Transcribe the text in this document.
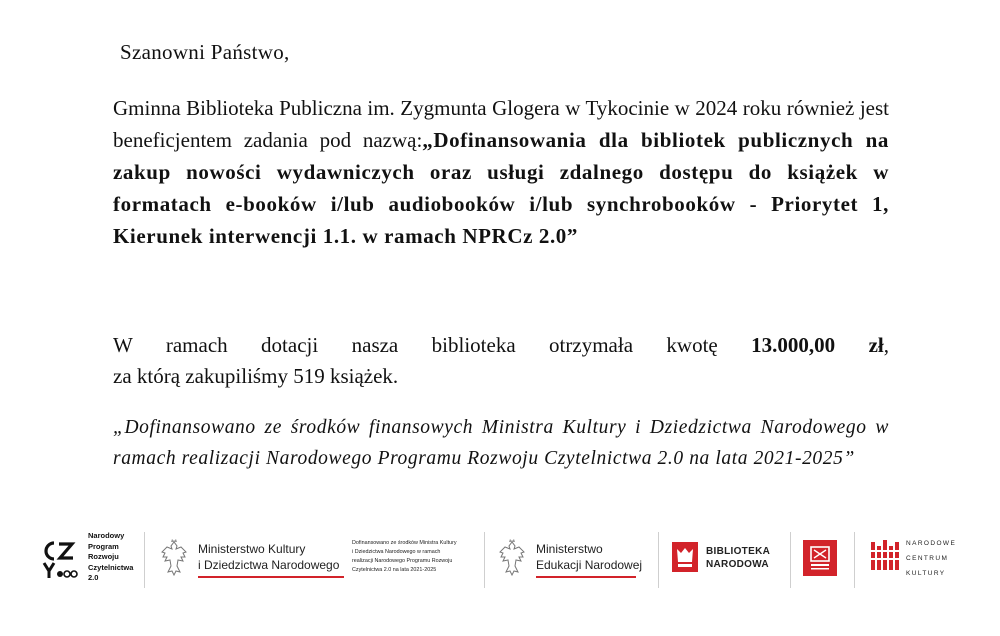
Szanowni Państwo,
Gminna Biblioteka Publiczna im. Zygmunta Glogera w Tykocinie w 2024 roku również jest beneficjentem zadania pod nazwą:„Dofinansowania dla bibliotek publicznych na zakup nowości wydawniczych oraz usługi zdalnego dostępu do książek w formatach e-booków i/lub audiobooków i/lub synchrobooków - Priorytet 1, Kierunek interwencji 1.1. w ramach NPRCz 2.0”
W ramach dotacji nasza biblioteka otrzymała kwotę 13.000,00 zł,
za którą zakupiliśmy 519 książek.
„Dofinansowano ze środków finansowych Ministra Kultury i Dziedzictwa Narodowego w ramach realizacji Narodowego Programu Rozwoju Czytelnictwa 2.0 na lata 2021-2025”
Narodowy
Program
Rozwoju
Czytelnictwa
2.0
Ministerstwo Kultury
i Dziedzictwa Narodowego
Dofinansowano ze środków Ministra Kultury
i Dziedzictwa Narodowego w ramach
realizacji Narodowego Programu Rozwoju
Czytelnictwa 2.0 na lata 2021-2025
Ministerstwo
Edukacji Narodowej
BIBLIOTEKA
NARODOWA
NARODOWE
CENTRUM
KULTURY
